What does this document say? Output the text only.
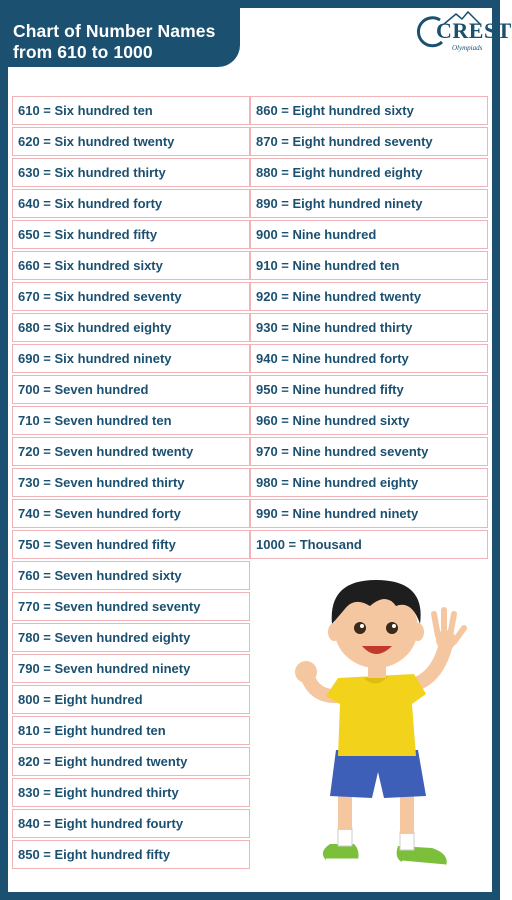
Chart of Number Names
from 610 to 1000
CREST
Olympiads
610 = Six hundred ten
620 = Six hundred twenty
630 = Six hundred thirty
640 = Six hundred forty
650 = Six hundred fifty
660 = Six hundred sixty
670 = Six hundred seventy
680 = Six hundred eighty
690 = Six hundred ninety
700 = Seven hundred
710 = Seven hundred ten
720 = Seven hundred twenty
730 = Seven hundred thirty
740 = Seven hundred forty
750 = Seven hundred fifty
760 = Seven hundred sixty
770 = Seven hundred seventy
780 = Seven hundred eighty
790 = Seven hundred ninety
800 = Eight hundred
810 = Eight hundred ten
820 = Eight hundred twenty
830 = Eight hundred thirty
840 = Eight hundred fourty
850 = Eight hundred fifty
860 = Eight hundred sixty
870 = Eight hundred seventy
880 = Eight hundred eighty
890 = Eight hundred ninety
900 = Nine hundred
910 = Nine hundred ten
920 = Nine hundred twenty
930 = Nine hundred thirty
940 = Nine hundred forty
950 = Nine hundred fifty
960 = Nine hundred sixty
970 = Nine hundred seventy
980 = Nine hundred eighty
990 = Nine hundred ninety
1000 = Thousand
